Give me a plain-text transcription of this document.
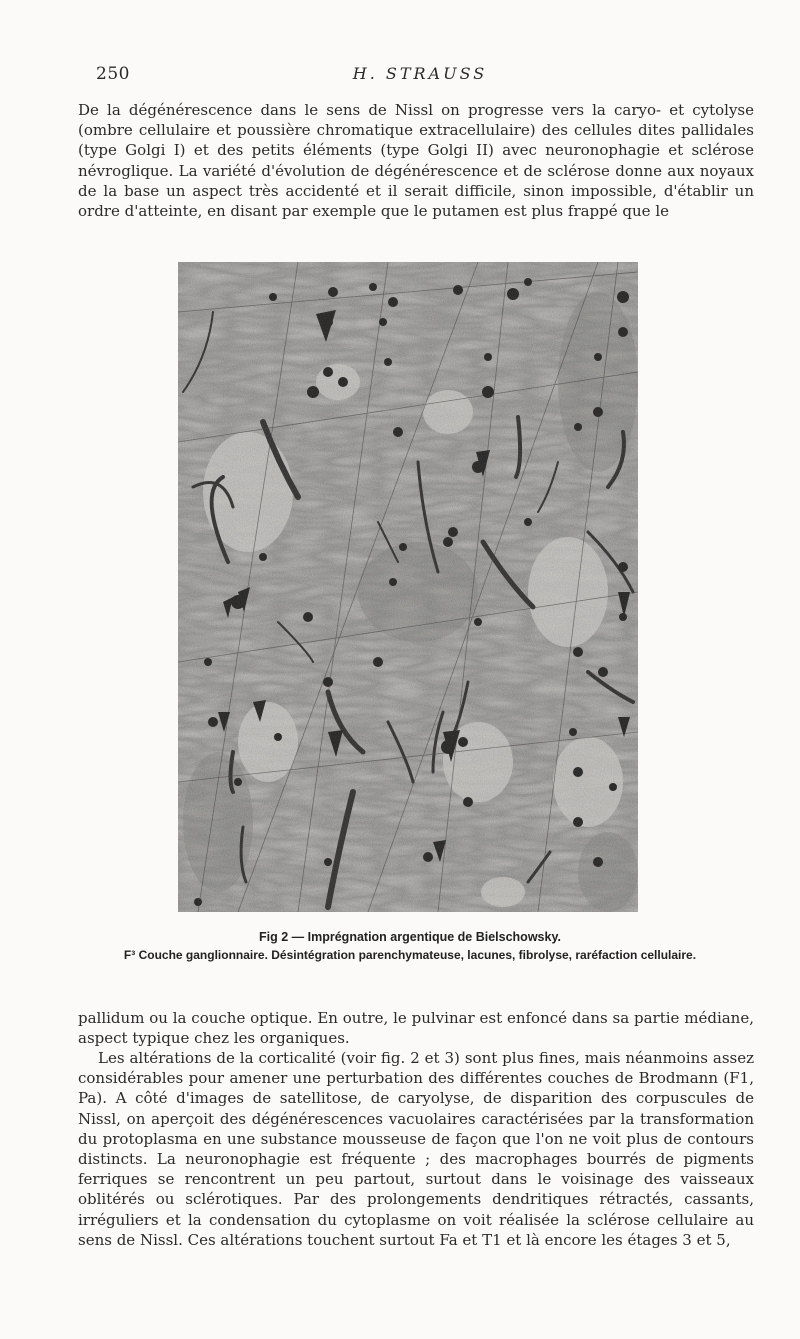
250	H. STRAUSS

De la dégénérescence dans le sens de Nissl on progresse vers la caryo- et cytolyse (ombre cellulaire et poussière chromatique extracellulaire) des cellules dites pallidales (type Golgi I) et des petits éléments (type Golgi II) avec neuronophagie et sclérose névroglique. La variété d'évolution de dégénérescence et de sclérose donne aux noyaux de la base un aspect très accidenté et il serait difficile, sinon impossible, d'établir un ordre d'atteinte, en disant par exemple que le putamen est plus frappé que le

Fig 2 — Imprégnation argentique de Bielschowsky.
F³ Couche ganglionnaire. Désintégration parenchymateuse, lacunes, fibrolyse, raréfaction cellulaire.

pallidum ou la couche optique. En outre, le pulvinar est enfoncé dans sa partie médiane, aspect typique chez les organiques.

Les altérations de la corticalité (voir fig. 2 et 3) sont plus fines, mais néanmoins assez considérables pour amener une perturbation des différentes couches de Brodmann (F1, Pa). A côté d'images de satellitose, de caryolyse, de disparition des corpuscules de Nissl, on aperçoit des dégénérescences vacuolaires caractérisées par la transformation du protoplasma en une substance mousseuse de façon que l'on ne voit plus de contours distincts. La neuronophagie est fréquente ; des macrophages bourrés de pigments ferriques se rencontrent un peu partout, surtout dans le voisinage des vaisseaux oblitérés ou sclérotiques. Par des prolongements dendritiques rétractés, cassants, irréguliers et la condensation du cytoplasme on voit réalisée la sclérose cellulaire au sens de Nissl. Ces altérations touchent surtout Fa et T1 et là encore les étages 3 et 5,
